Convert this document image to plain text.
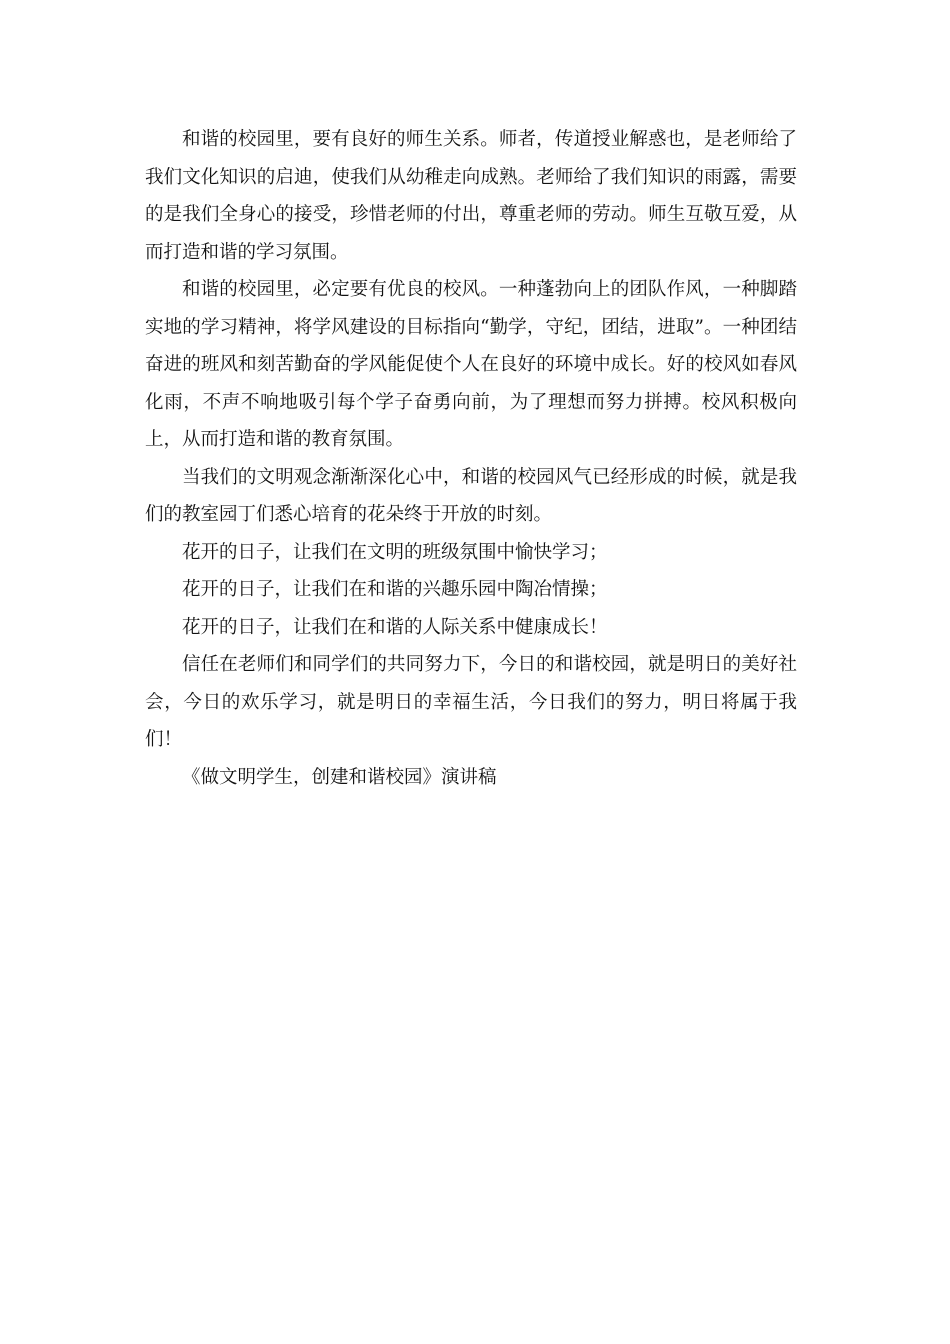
和谐的校园里，要有良好的师生关系。师者，传道授业解惑也，是老师给了我们文化知识的启迪，使我们从幼稚走向成熟。老师给了我们知识的雨露，需要的是我们全身心的接受，珍惜老师的付出，尊重老师的劳动。师生互敬互爱，从而打造和谐的学习氛围。

和谐的校园里，必定要有优良的校风。一种蓬勃向上的团队作风，一种脚踏实地的学习精神，将学风建设的目标指向“勤学，守纪，团结，进取”。一种团结奋进的班风和刻苦勤奋的学风能促使个人在良好的环境中成长。好的校风如春风化雨，不声不响地吸引每个学子奋勇向前，为了理想而努力拼搏。校风积极向上，从而打造和谐的教育氛围。

当我们的文明观念渐渐深化心中，和谐的校园风气已经形成的时候，就是我们的教室园丁们悉心培育的花朵终于开放的时刻。

花开的日子，让我们在文明的班级氛围中愉快学习；

花开的日子，让我们在和谐的兴趣乐园中陶冶情操；

花开的日子，让我们在和谐的人际关系中健康成长！

信任在老师们和同学们的共同努力下，今日的和谐校园，就是明日的美好社会，今日的欢乐学习，就是明日的幸福生活，今日我们的努力，明日将属于我们！

《做文明学生，创建和谐校园》演讲稿
